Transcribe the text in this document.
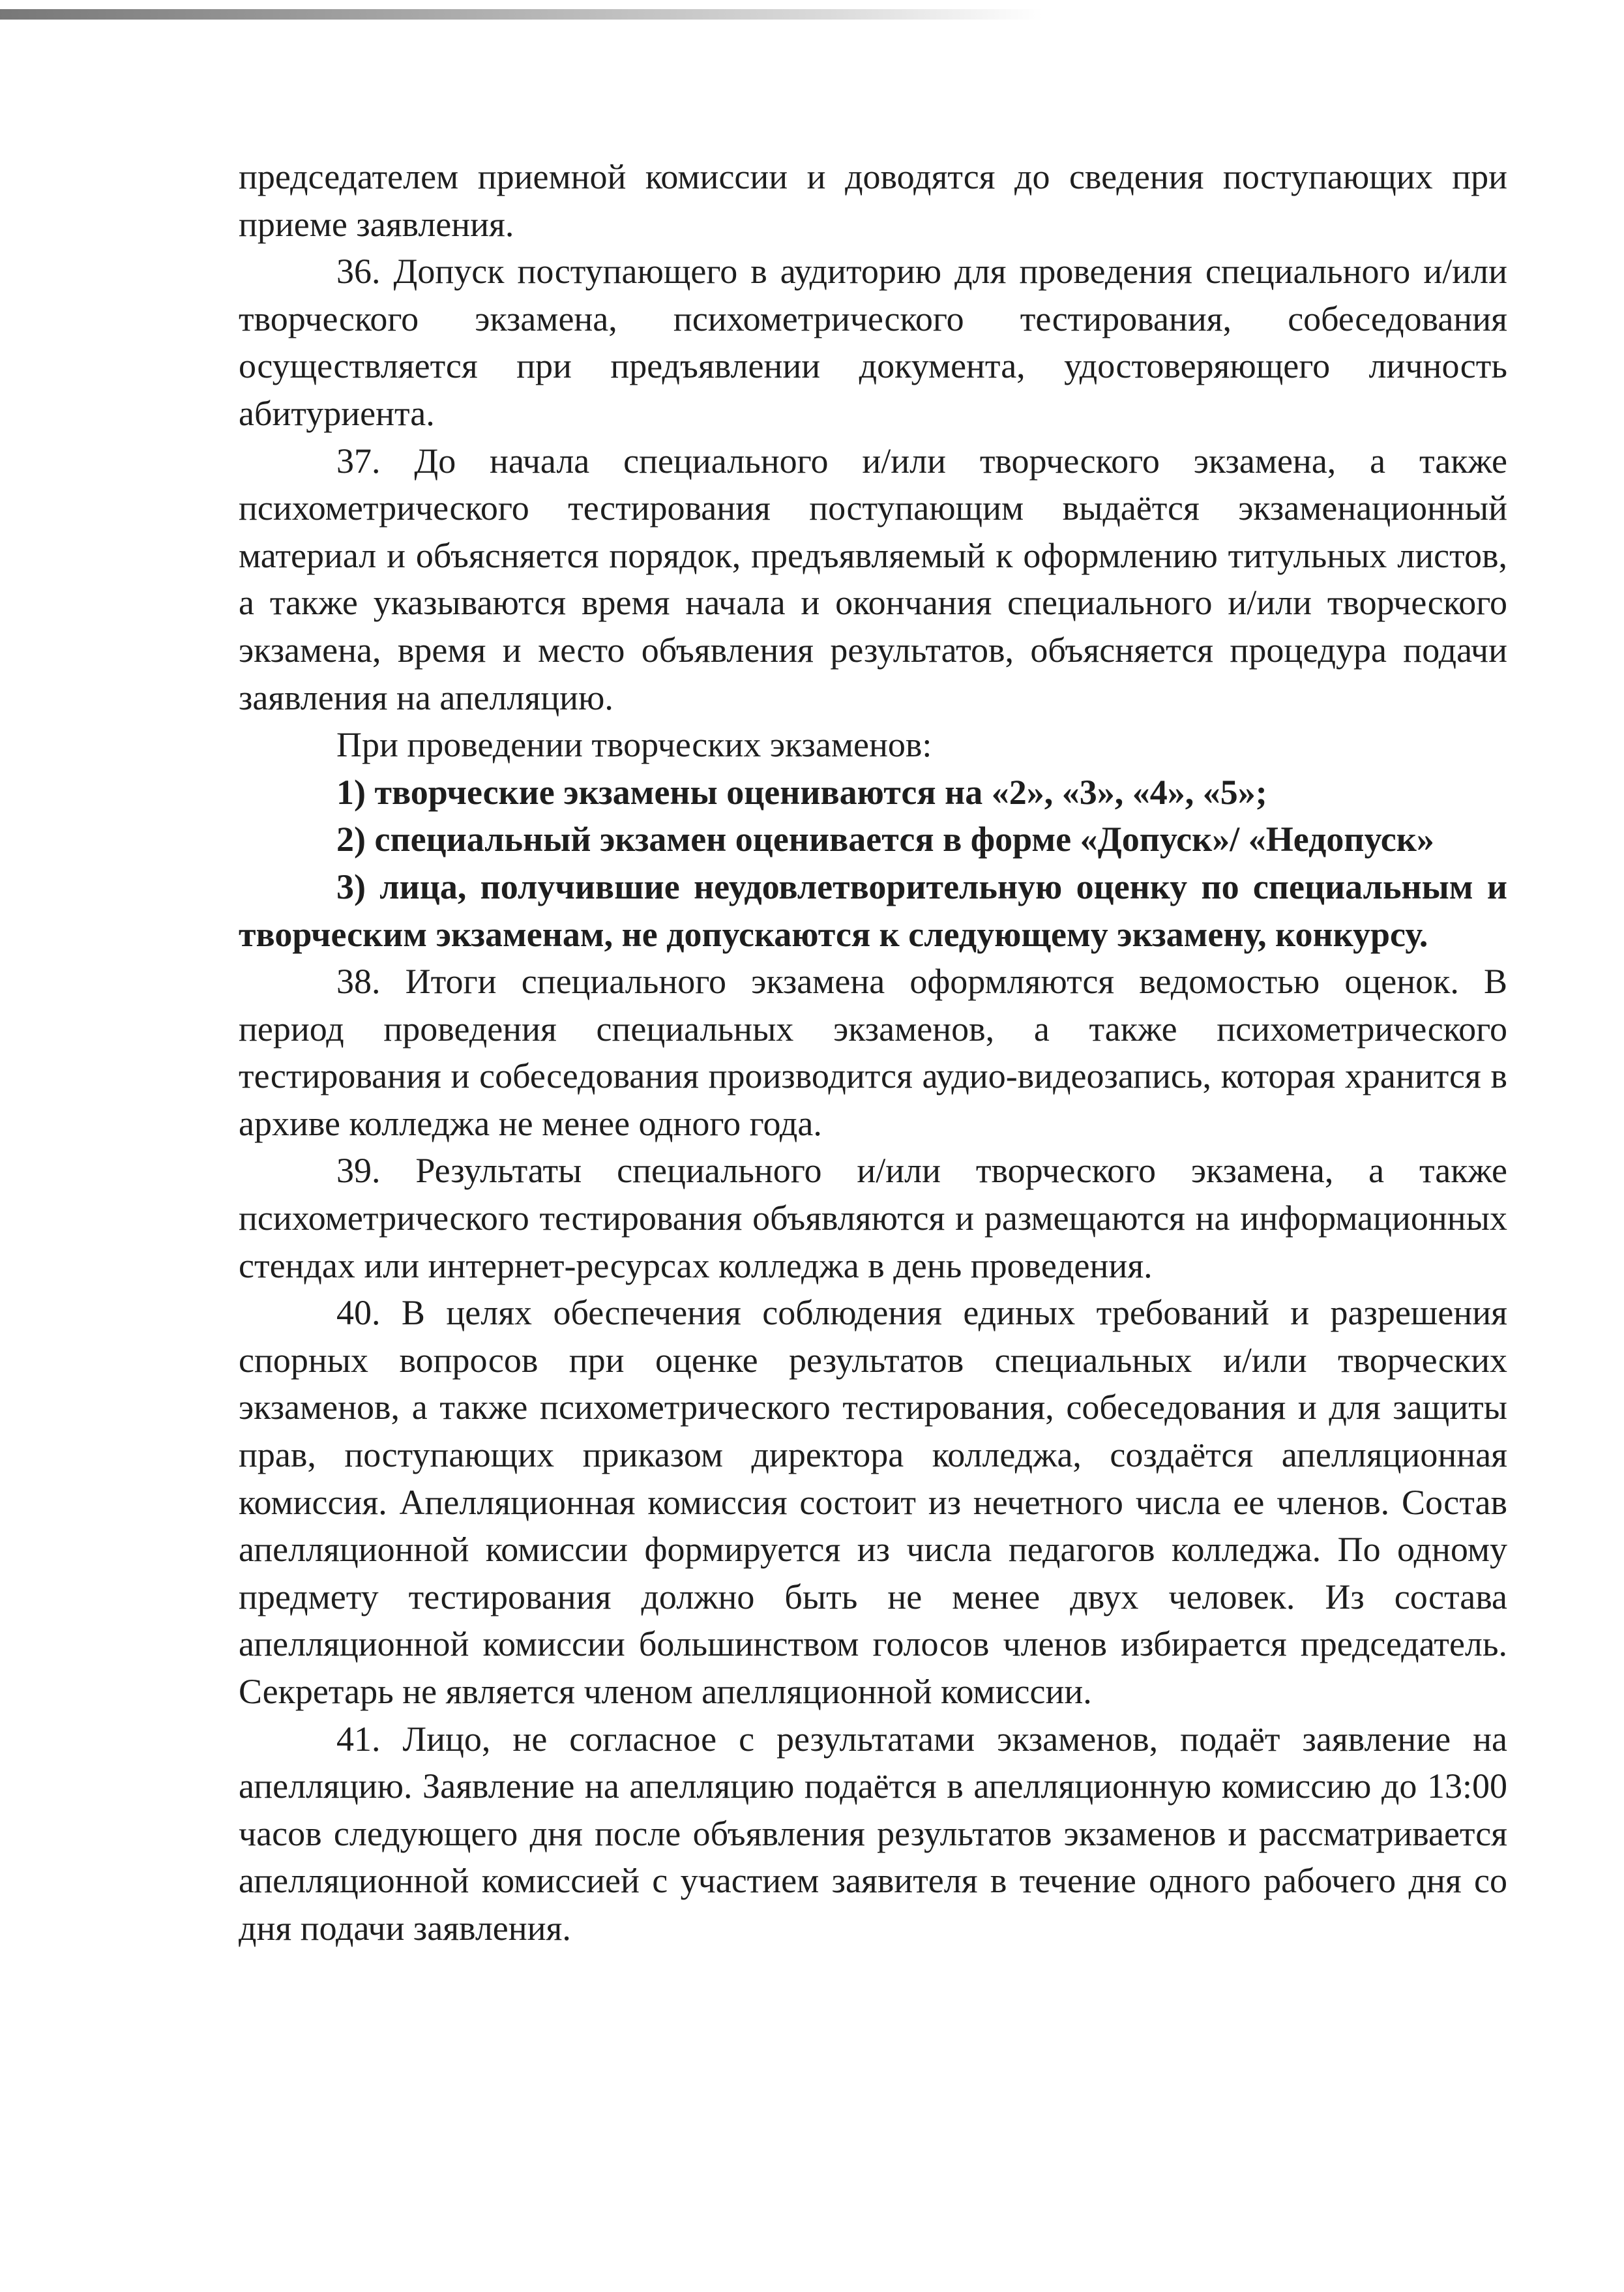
председателем приемной комиссии и доводятся до сведения поступающих при приеме заявления.

36. Допуск поступающего в аудиторию для проведения специального и/или творческого экзамена, психометрического тестирования, собеседования осуществляется при предъявлении документа, удостоверяющего личность абитуриента.

37. До начала специального и/или творческого экзамена, а также психометрического тестирования поступающим выдаётся экзаменационный материал и объясняется порядок, предъявляемый к оформлению титульных листов, а также указываются время начала и окончания специального и/или творческого экзамена, время и место объявления результатов, объясняется процедура подачи заявления на апелляцию.

При проведении творческих экзаменов:

1) творческие экзамены оцениваются на «2», «3», «4», «5»;

2) специальный экзамен оценивается в форме «Допуск»/ «Недопуск»

3) лица, получившие неудовлетворительную оценку по специальным и творческим экзаменам, не допускаются к следующему экзамену, конкурсу.

38. Итоги специального экзамена оформляются ведомостью оценок. В период проведения специальных экзаменов, а также психометрического тестирования и собеседования производится аудио-видеозапись, которая хранится в архиве колледжа не менее одного года.

39. Результаты специального и/или творческого экзамена, а также психометрического тестирования объявляются и размещаются на информационных стендах или интернет-ресурсах колледжа в день проведения.

40. В целях обеспечения соблюдения единых требований и разрешения спорных вопросов при оценке результатов специальных и/или творческих экзаменов, а также психометрического тестирования, собеседования и для защиты прав, поступающих приказом директора колледжа, создаётся апелляционная комиссия. Апелляционная комиссия состоит из нечетного числа ее членов. Состав апелляционной комиссии формируется из числа педагогов колледжа. По одному предмету тестирования должно быть не менее двух человек. Из состава апелляционной комиссии большинством голосов членов избирается председатель. Секретарь не является членом апелляционной комиссии.

41. Лицо, не согласное с результатами экзаменов, подаёт заявление на апелляцию. Заявление на апелляцию подаётся в апелляционную комиссию до 13:00 часов следующего дня после объявления результатов экзаменов и рассматривается апелляционной комиссией с участием заявителя в течение одного рабочего дня со дня подачи заявления.
